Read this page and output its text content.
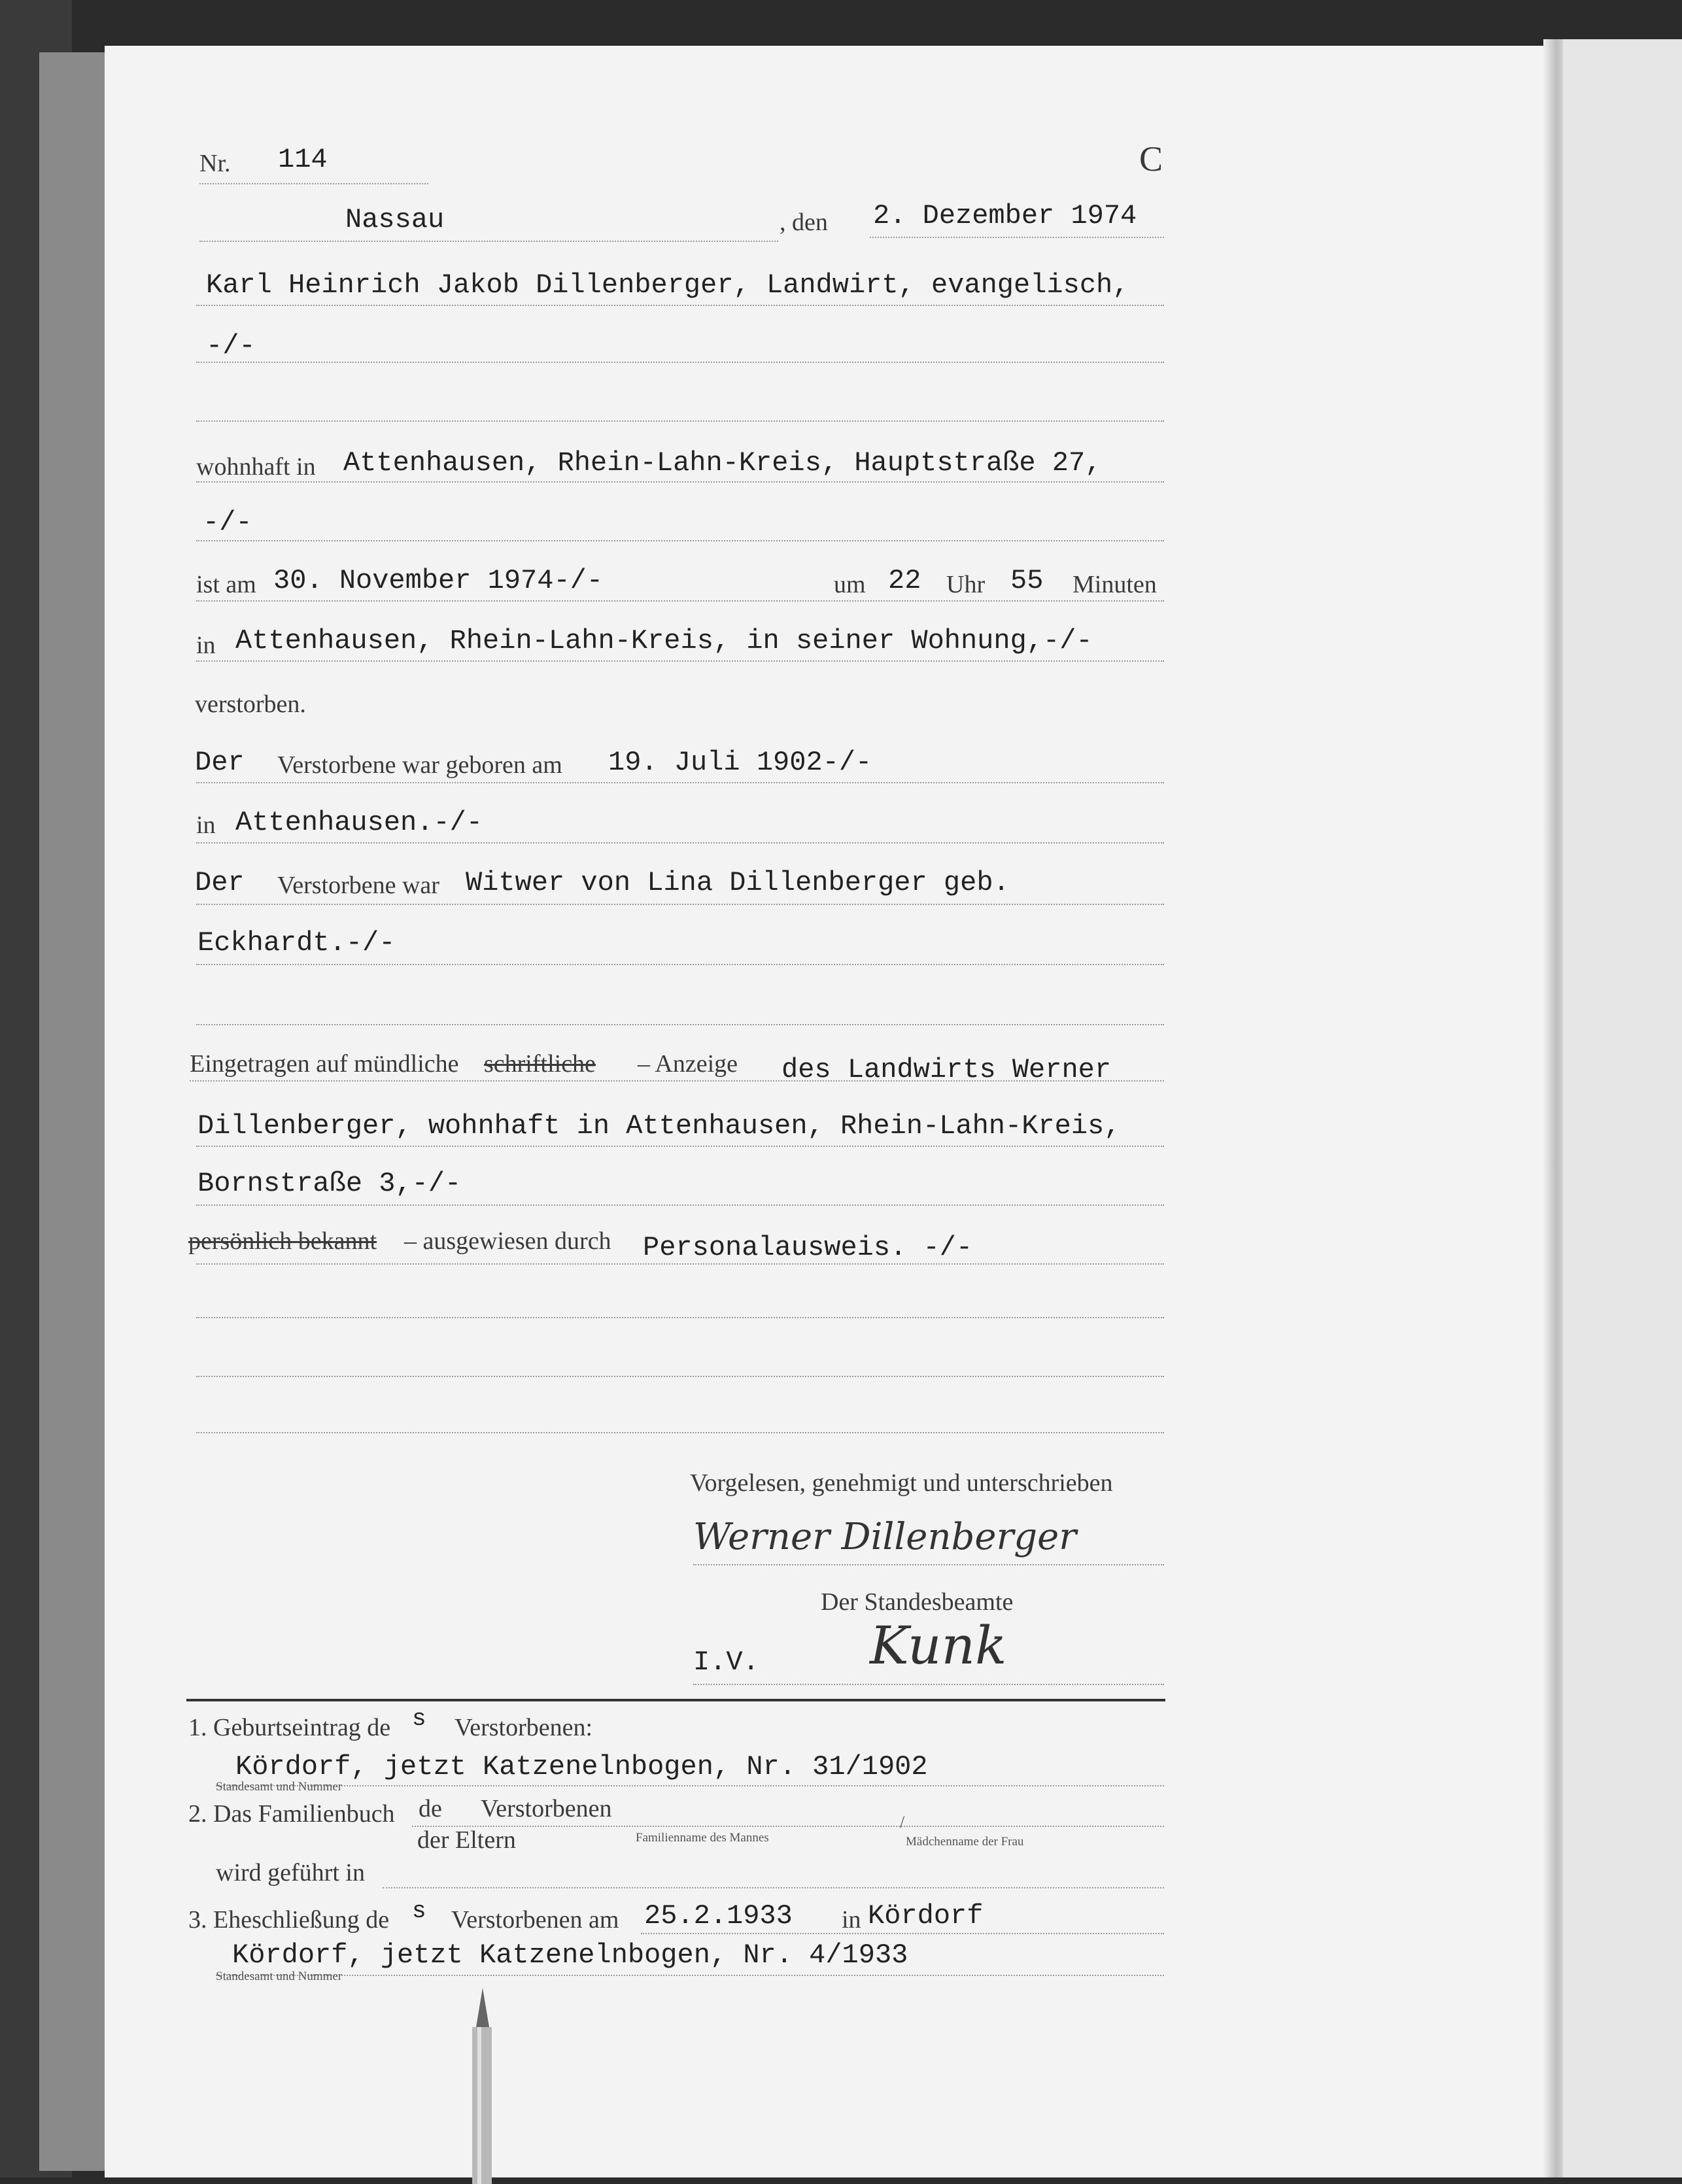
Nr. 114	C
Nassau	, den 2. Dezember 1974
Karl Heinrich Jakob Dillenberger, Landwirt, evangelisch,
-/-
wohnhaft in Attenhausen, Rhein-Lahn-Kreis, Hauptstraße 27,
-/-
ist am 30. November 1974-/-	um 22 Uhr 55 Minuten
in Attenhausen, Rhein-Lahn-Kreis, in seiner Wohnung,-/-
verstorben.
Der Verstorbene war geboren am 19. Juli 1902-/-
in Attenhausen.-/-
Der Verstorbene war Witwer von Lina Dillenberger geb.
Eckhardt.-/-
Eingetragen auf mündliche schriftliche – Anzeige des Landwirts Werner
Dillenberger, wohnhaft in Attenhausen, Rhein-Lahn-Kreis,
Bornstraße 3,-/-
persönlich bekannt – ausgewiesen durch Personalausweis. -/-
Vorgelesen, genehmigt und unterschrieben
Werner Dillenberger
Der Standesbeamte
I.V. Kunk
1. Geburtseintrag de s Verstorbenen:
Kördorf, jetzt Katzenelnbogen, Nr. 31/1902
Standesamt und Nummer
2. Das Familienbuch de Verstorbenen
der Eltern	Familienname des Mannes
/
Mädchenname der Frau
wird geführt in
3. Eheschließung de s Verstorbenen am 25.2.1933 in Kördorf
Kördorf, jetzt Katzenelnbogen, Nr. 4/1933
Standesamt und Nummer
